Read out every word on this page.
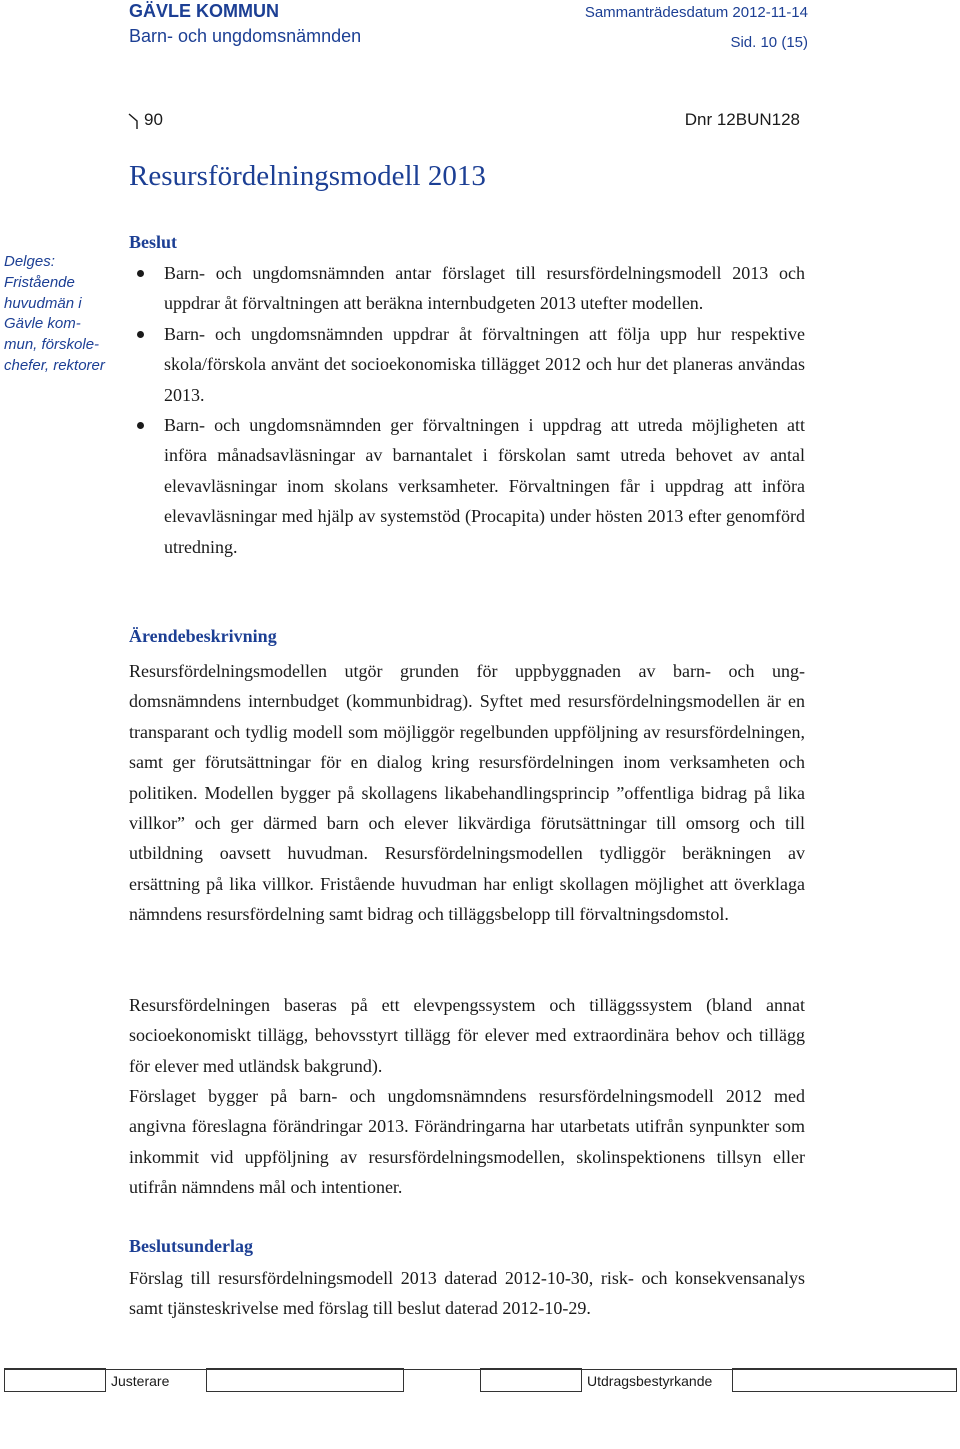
GÄVLE KOMMUN
Barn- och ungdomsnämnden
Sammanträdesdatum 2012-11-14
Sid. 10 (15)
90	Dnr 12BUN128
Resursfördelningsmodell 2013
Delges:
Fristående
huvudmän i
Gävle kom-
mun, förskole-
chefer, rektorer
Beslut
Barn- och ungdomsnämnden antar förslaget till resursfördelningsmodell 2013 och uppdrar åt förvaltningen att beräkna internbudgeten 2013 utefter modellen.
Barn- och ungdomsnämnden uppdrar åt förvaltningen att följa upp hur respektive skola/förskola använt det socioekonomiska tillägget 2012 och hur det planeras användas 2013.
Barn- och ungdomsnämnden ger förvaltningen i uppdrag att utreda möjligheten att införa månadsavläsningar av barnantalet i förskolan samt utreda behovet av antal elevavläsningar inom skolans verksamheter. Förvaltningen får i uppdrag att införa elevavläsningar med hjälp av systemstöd (Procapita) under hösten 2013 efter genomförd utredning.
Ärendebeskrivning

Resursfördelningsmodellen utgör grunden för uppbyggnaden av barn- och ungdomsnämndens internbudget (kommunbidrag). Syftet med resursfördelningsmodellen är en transparant och tydlig modell som möjliggör regelbunden uppföljning av resursfördelningen, samt ger förutsättningar för en dialog kring resursfördelningen inom verksamheten och politiken. Modellen bygger på skollagens likabehandlingsprincip ”offentliga bidrag på lika villkor” och ger därmed barn och elever likvärdiga förutsättningar till omsorg och till utbildning oavsett huvudman. Resursfördelningsmodellen tydliggör beräkningen av ersättning på lika villkor. Fristående huvudman har enligt skollagen möjlighet att överklaga nämndens resursfördelning samt bidrag och tilläggsbelopp till förvaltningsdomstol.

Resursfördelningen baseras på ett elevpengssystem och tilläggssystem (bland annat socioekonomiskt tillägg, behovsstyrt tillägg för elever med extraordinära behov och tillägg för elever med utländsk bakgrund).

Förslaget bygger på barn- och ungdomsnämndens resursfördelningsmodell 2012 med angivna föreslagna förändringar 2013. Förändringarna har utarbetats utifrån synpunkter som inkommit vid uppföljning av resursfördelningsmodellen, skolinspektionens tillsyn eller utifrån nämndens mål och intentioner.

Beslutsunderlag

Förslag till resursfördelningsmodell 2013 daterad 2012-10-30, risk- och konsekvensanalys samt tjänsteskrivelse med förslag till beslut daterad 2012-10-29.

Justerare	Utdragsbestyrkande
